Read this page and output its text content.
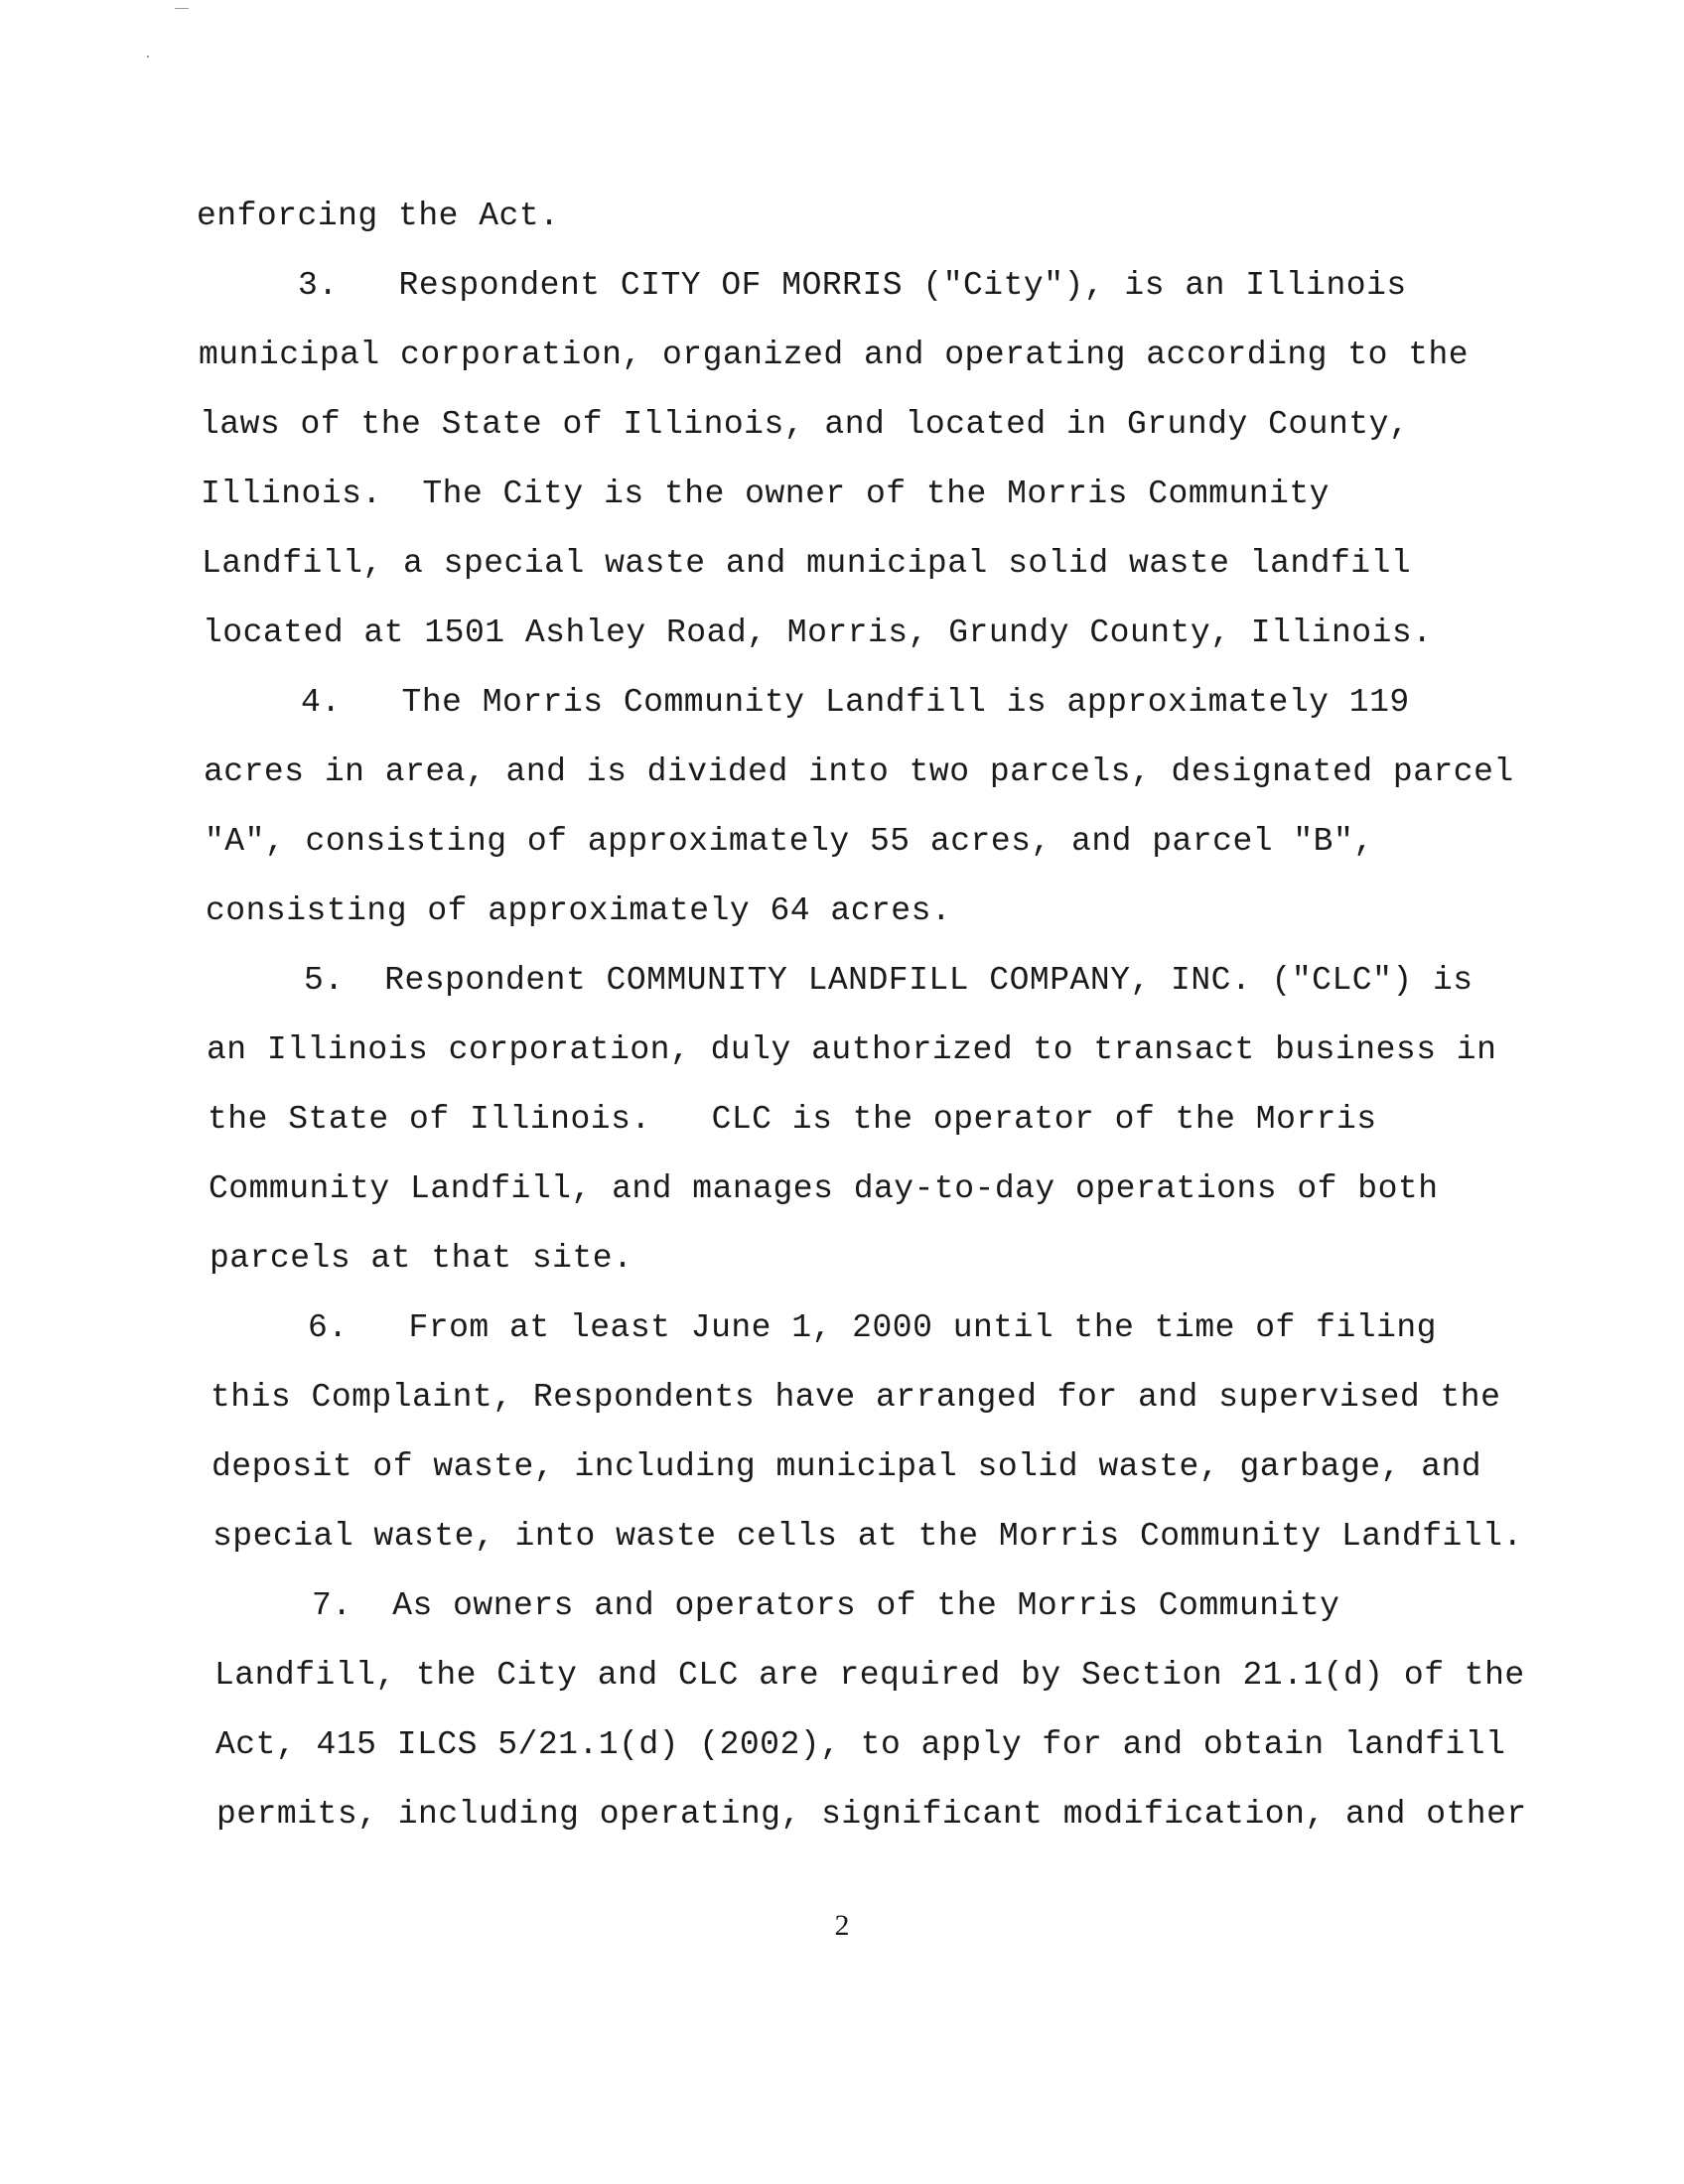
enforcing the Act.
3.   Respondent CITY OF MORRIS ("City"), is an Illinois
municipal corporation, organized and operating according to the
laws of the State of Illinois, and located in Grundy County,
Illinois.  The City is the owner of the Morris Community
Landfill, a special waste and municipal solid waste landfill
located at 1501 Ashley Road, Morris, Grundy County, Illinois.
4.   The Morris Community Landfill is approximately 119
acres in area, and is divided into two parcels, designated parcel
"A", consisting of approximately 55 acres, and parcel "B",
consisting of approximately 64 acres.
5.  Respondent COMMUNITY LANDFILL COMPANY, INC. ("CLC") is
an Illinois corporation, duly authorized to transact business in
the State of Illinois.   CLC is the operator of the Morris
Community Landfill, and manages day-to-day operations of both
parcels at that site.
6.   From at least June 1, 2000 until the time of filing
this Complaint, Respondents have arranged for and supervised the
deposit of waste, including municipal solid waste, garbage, and
special waste, into waste cells at the Morris Community Landfill.
7.  As owners and operators of the Morris Community
Landfill, the City and CLC are required by Section 21.1(d) of the
Act, 415 ILCS 5/21.1(d) (2002), to apply for and obtain landfill
permits, including operating, significant modification, and other
2
